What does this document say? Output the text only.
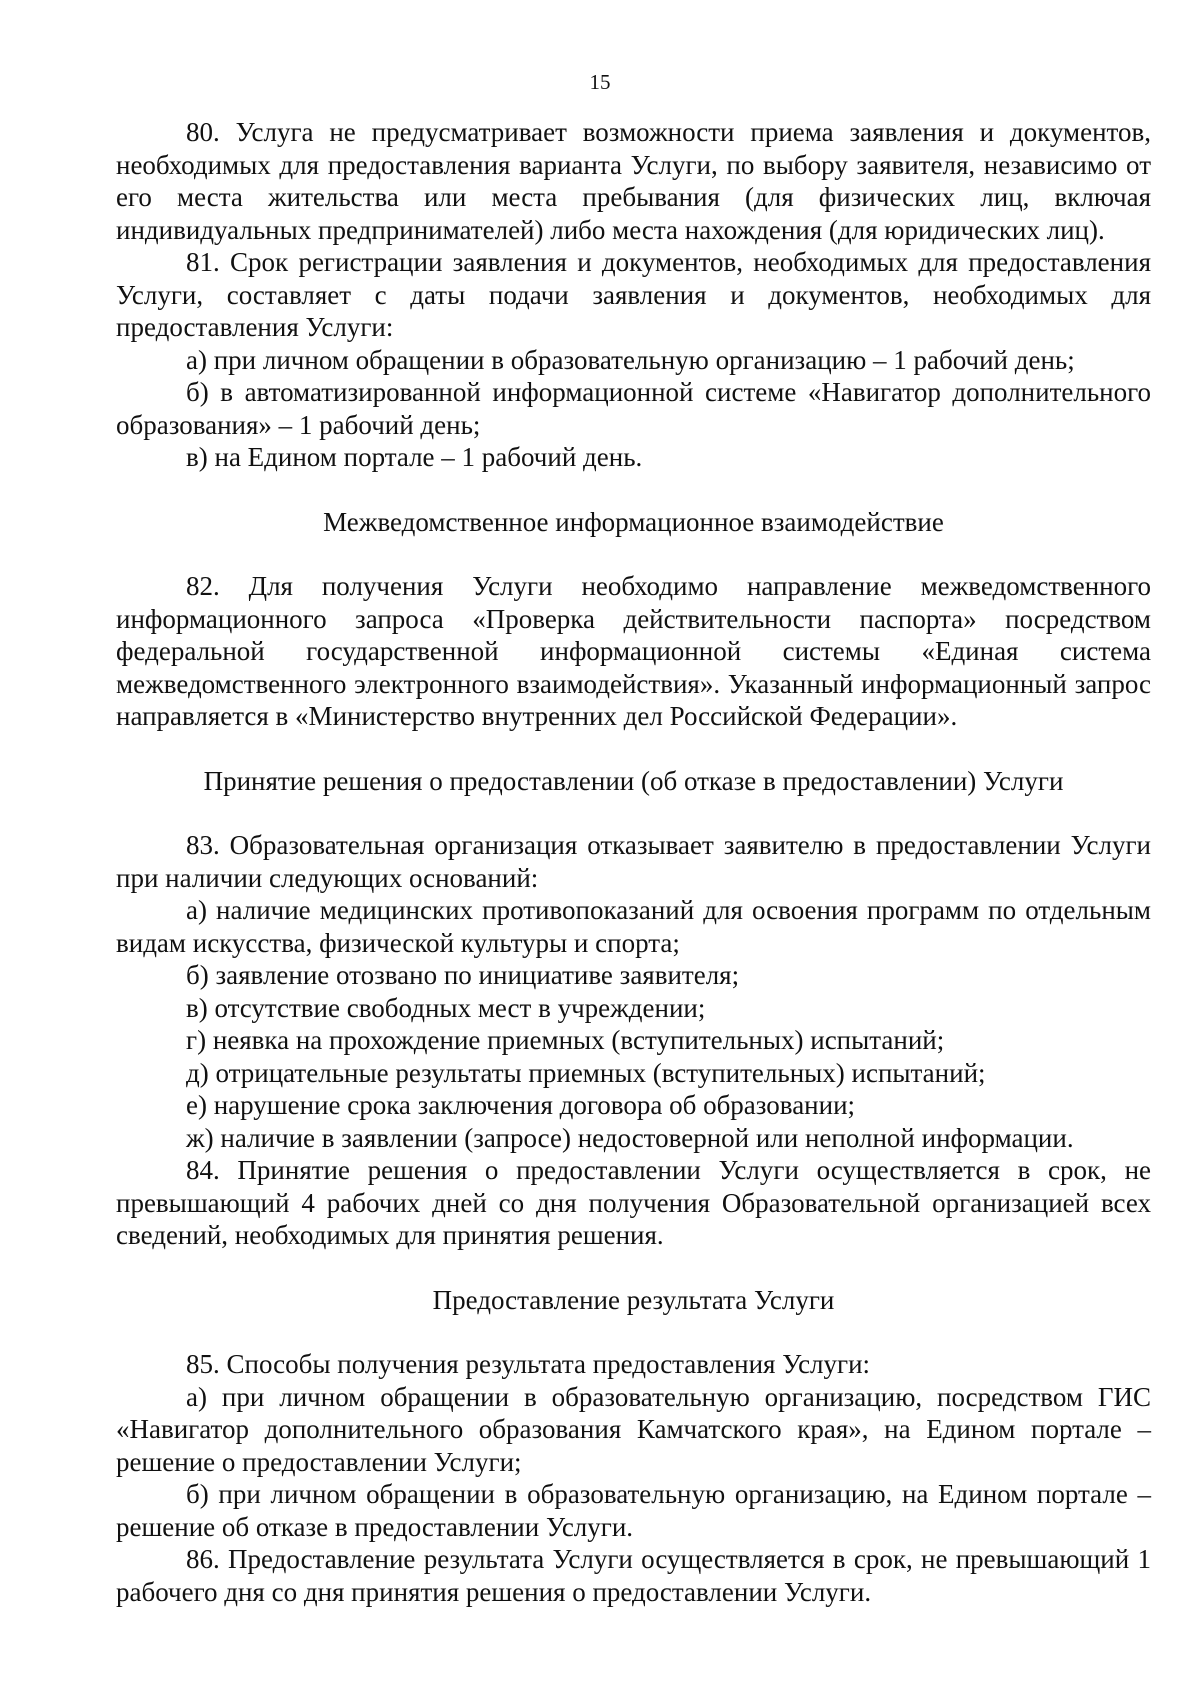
15

80. Услуга не предусматривает возможности приема заявления и документов, необходимых для предоставления варианта Услуги, по выбору заявителя, независимо от его места жительства или места пребывания (для физических лиц, включая индивидуальных предпринимателей) либо места нахождения (для юридических лиц).

81. Срок регистрации заявления и документов, необходимых для предоставления Услуги, составляет с даты подачи заявления и документов, необходимых для предоставления Услуги:

а) при личном обращении в образовательную организацию – 1 рабочий день;

б) в автоматизированной информационной системе «Навигатор дополнительного образования» – 1 рабочий день;

в) на Едином портале – 1 рабочий день.

Межведомственное информационное взаимодействие

82. Для получения Услуги необходимо направление межведомственного информационного запроса «Проверка действительности паспорта» посредством федеральной государственной информационной системы «Единая система межведомственного электронного взаимодействия». Указанный информационный запрос направляется в «Министерство внутренних дел Российской Федерации».

Принятие решения о предоставлении (об отказе в предоставлении) Услуги

83. Образовательная организация отказывает заявителю в предоставлении Услуги при наличии следующих оснований:

а) наличие медицинских противопоказаний для освоения программ по отдельным видам искусства, физической культуры и спорта;

б) заявление отозвано по инициативе заявителя;

в) отсутствие свободных мест в учреждении;

г) неявка на прохождение приемных (вступительных) испытаний;

д) отрицательные результаты приемных (вступительных) испытаний;

е) нарушение срока заключения договора об образовании;

ж) наличие в заявлении (запросе) недостоверной или неполной информации.

84. Принятие решения о предоставлении Услуги осуществляется в срок, не превышающий 4 рабочих дней со дня получения Образовательной организацией всех сведений, необходимых для принятия решения.

Предоставление результата Услуги

85. Способы получения результата предоставления Услуги:

а) при личном обращении в образовательную организацию, посредством ГИС «Навигатор дополнительного образования Камчатского края», на Едином портале – решение о предоставлении Услуги;

б) при личном обращении в образовательную организацию, на Едином портале – решение об отказе в предоставлении Услуги.

86. Предоставление результата Услуги осуществляется в срок, не превышающий 1 рабочего дня со дня принятия решения о предоставлении Услуги.
